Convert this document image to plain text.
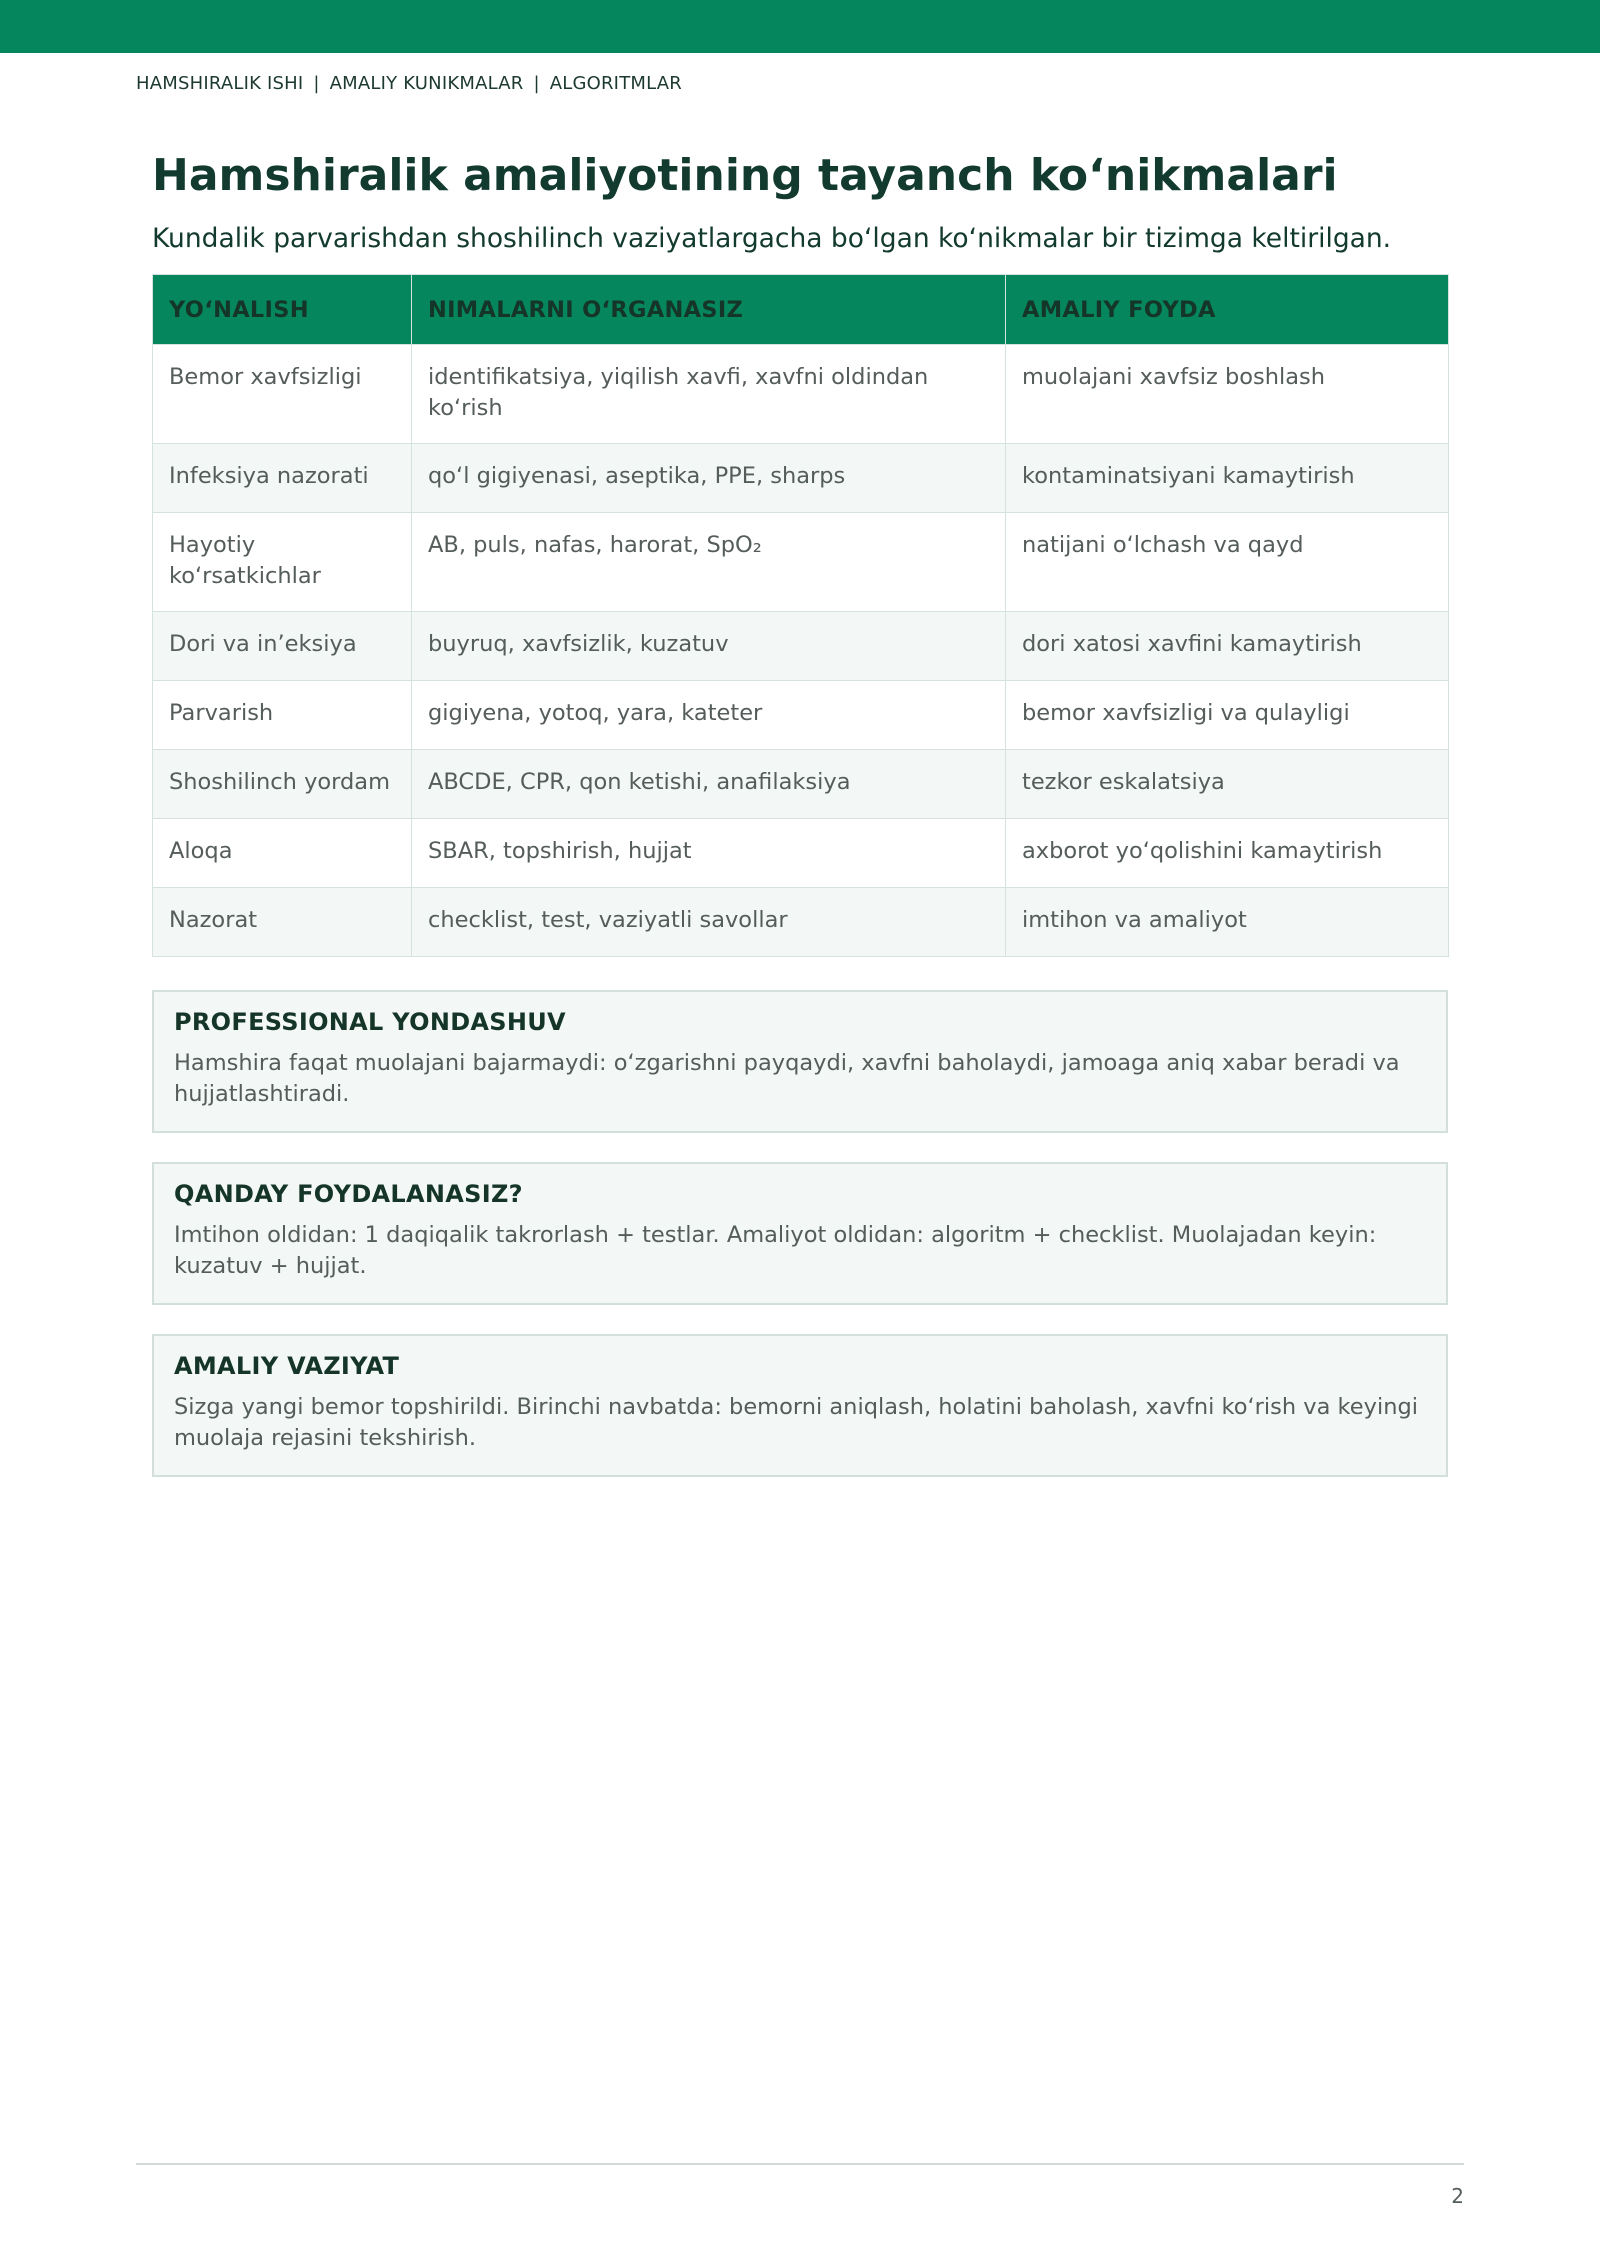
HAMSHIRALIK ISHI | AMALIY KUNIKMALAR | ALGORITMLAR
Hamshiralik amaliyotining tayanch ko‘nikmalari

Kundalik parvarishdan shoshilinch vaziyatlargacha bo‘lgan ko‘nikmalar bir tizimga keltirilgan.

YO‘NALISH	NIMALARNI O‘RGANASIZ	AMALIY FOYDA
Bemor xavfsizligi	identifikatsiya, yiqilish xavfi, xavfni oldindan ko‘rish	muolajani xavfsiz boshlash
Infeksiya nazorati	qo‘l gigiyenasi, aseptika, PPE, sharps	kontaminatsiyani kamaytirish
Hayotiy ko‘rsatkichlar	AB, puls, nafas, harorat, SpO₂	natijani o‘lchash va qayd
Dori va in’eksiya	buyruq, xavfsizlik, kuzatuv	dori xatosi xavfini kamaytirish
Parvarish	gigiyena, yotoq, yara, kateter	bemor xavfsizligi va qulayligi
Shoshilinch yordam	ABCDE, CPR, qon ketishi, anafilaksiya	tezkor eskalatsiya
Aloqa	SBAR, topshirish, hujjat	axborot yo‘qolishini kamaytirish
Nazorat	checklist, test, vaziyatli savollar	imtihon va amaliyot
PROFESSIONAL YONDASHUV

Hamshira faqat muolajani bajarmaydi: o‘zgarishni payqaydi, xavfni baholaydi, jamoaga aniq xabar beradi va hujjatlashtiradi.

QANDAY FOYDALANASIZ?

Imtihon oldidan: 1 daqiqalik takrorlash + testlar. Amaliyot oldidan: algoritm + checklist. Muolajadan keyin: kuzatuv + hujjat.

AMALIY VAZIYAT

Sizga yangi bemor topshirildi. Birinchi navbatda: bemorni aniqlash, holatini baholash, xavfni ko‘rish va keyingi muolaja rejasini tekshirish.

2
